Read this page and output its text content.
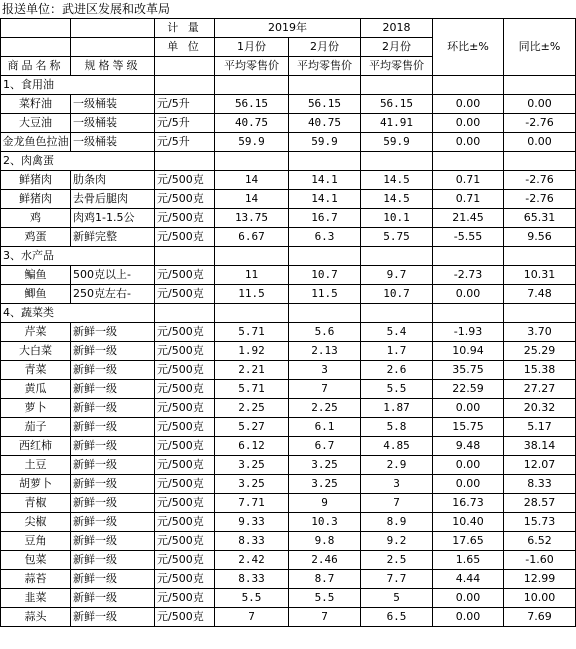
报送单位：武进区发展和改革局
		计 量	2019年		2018	环比±%	同比±%
		单 位	1月份	2月份	2月份		
商品名称	规格等级		平均零售价	平均零售价	平均零售价		
1、食用油							
菜籽油	一级桶装	元/5升	56.15	56.15	56.15	0.00	0.00
大豆油	一级桶装	元/5升	40.75	40.75	41.91	0.00	-2.76
金龙鱼色拉油	一级桶装	元/5升	59.9	59.9	59.9	0.00	0.00
2、肉禽蛋							
鲜猪肉	肋条肉	元/500克	14	14.1	14.5	0.71	-2.76
鲜猪肉	去骨后腿肉	元/500克	14	14.1	14.5	0.71	-2.76
鸡	肉鸡1-1.5公	元/500克	13.75	16.7	10.1	21.45	65.31
鸡蛋	新鲜完整	元/500克	6.67	6.3	5.75	-5.55	9.56
3、水产品							
鳊鱼	500克以上-	元/500克	11	10.7	9.7	-2.73	10.31
鲫鱼	250克左右-	元/500克	11.5	11.5	10.7	0.00	7.48
4、蔬菜类							
芹菜	新鲜一级	元/500克	5.71	5.6	5.4	-1.93	3.70
大白菜	新鲜一级	元/500克	1.92	2.13	1.7	10.94	25.29
青菜	新鲜一级	元/500克	2.21	3	2.6	35.75	15.38
黄瓜	新鲜一级	元/500克	5.71	7	5.5	22.59	27.27
萝卜	新鲜一级	元/500克	2.25	2.25	1.87	0.00	20.32
茄子	新鲜一级	元/500克	5.27	6.1	5.8	15.75	5.17
西红柿	新鲜一级	元/500克	6.12	6.7	4.85	9.48	38.14
土豆	新鲜一级	元/500克	3.25	3.25	2.9	0.00	12.07
胡萝卜	新鲜一级	元/500克	3.25	3.25	3	0.00	8.33
青椒	新鲜一级	元/500克	7.71	9	7	16.73	28.57
尖椒	新鲜一级	元/500克	9.33	10.3	8.9	10.40	15.73
豆角	新鲜一级	元/500克	8.33	9.8	9.2	17.65	6.52
包菜	新鲜一级	元/500克	2.42	2.46	2.5	1.65	-1.60
蒜苔	新鲜一级	元/500克	8.33	8.7	7.7	4.44	12.99
韭菜	新鲜一级	元/500克	5.5	5.5	5	0.00	10.00
蒜头	新鲜一级	元/500克	7	7	6.5	0.00	7.69
